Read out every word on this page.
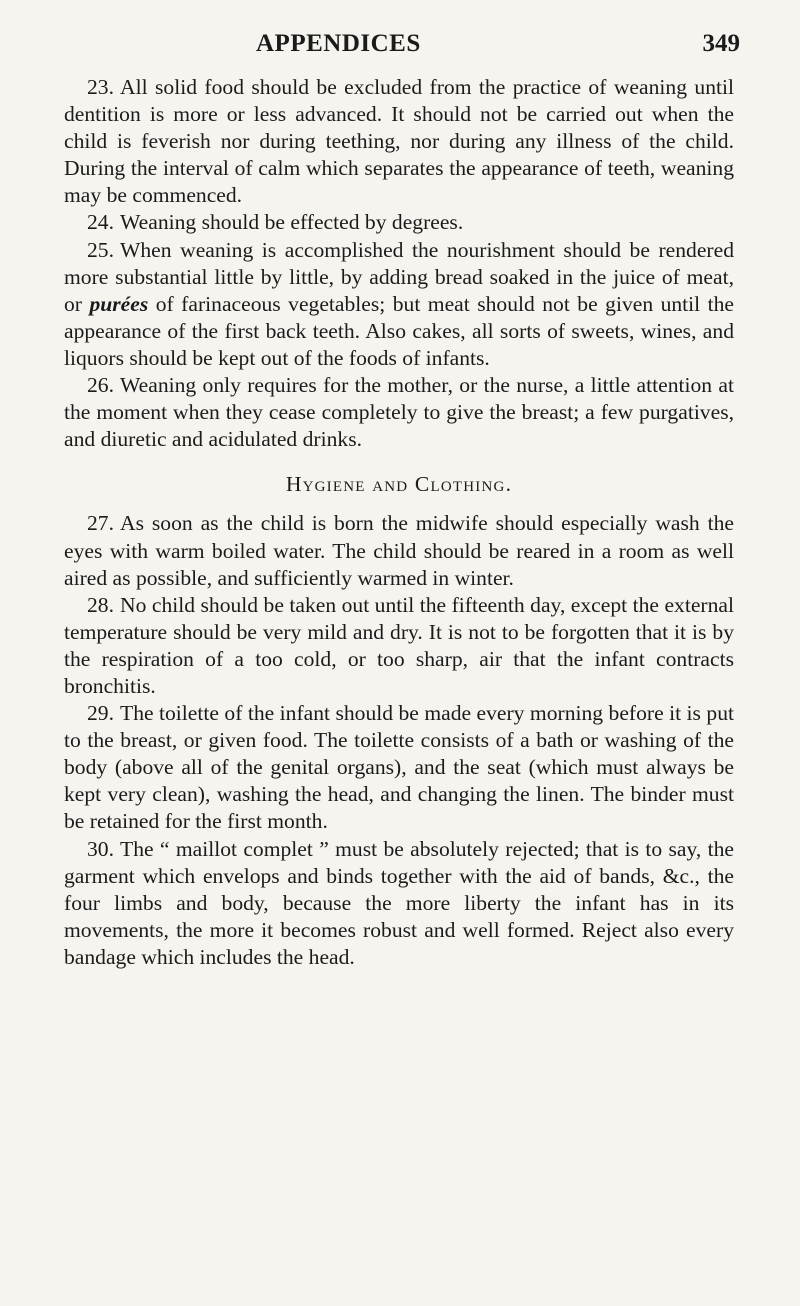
APPENDICES	349

23. All solid food should be excluded from the practice of weaning until dentition is more or less advanced. It should not be carried out when the child is feverish nor during teething, nor during any illness of the child. During the interval of calm which separates the appearance of teeth, weaning may be commenced.

24. Weaning should be effected by degrees.

25. When weaning is accomplished the nourishment should be rendered more substantial little by little, by adding bread soaked in the juice of meat, or purées of farinaceous vegetables; but meat should not be given until the appearance of the first back teeth. Also cakes, all sorts of sweets, wines, and liquors should be kept out of the foods of infants.

26. Weaning only requires for the mother, or the nurse, a little attention at the moment when they cease completely to give the breast; a few purgatives, and diuretic and acidulated drinks.

Hygiene and Clothing.

27. As soon as the child is born the midwife should especially wash the eyes with warm boiled water. The child should be reared in a room as well aired as possible, and sufficiently warmed in winter.

28. No child should be taken out until the fifteenth day, except the external temperature should be very mild and dry. It is not to be forgotten that it is by the respiration of a too cold, or too sharp, air that the infant contracts bronchitis.

29. The toilette of the infant should be made every morning before it is put to the breast, or given food. The toilette consists of a bath or washing of the body (above all of the genital organs), and the seat (which must always be kept very clean), washing the head, and changing the linen. The binder must be retained for the first month.

30. The “ maillot complet ” must be absolutely rejected; that is to say, the garment which envelops and binds together with the aid of bands, &c., the four limbs and body, because the more liberty the infant has in its movements, the more it becomes robust and well formed. Reject also every bandage which includes the head.
